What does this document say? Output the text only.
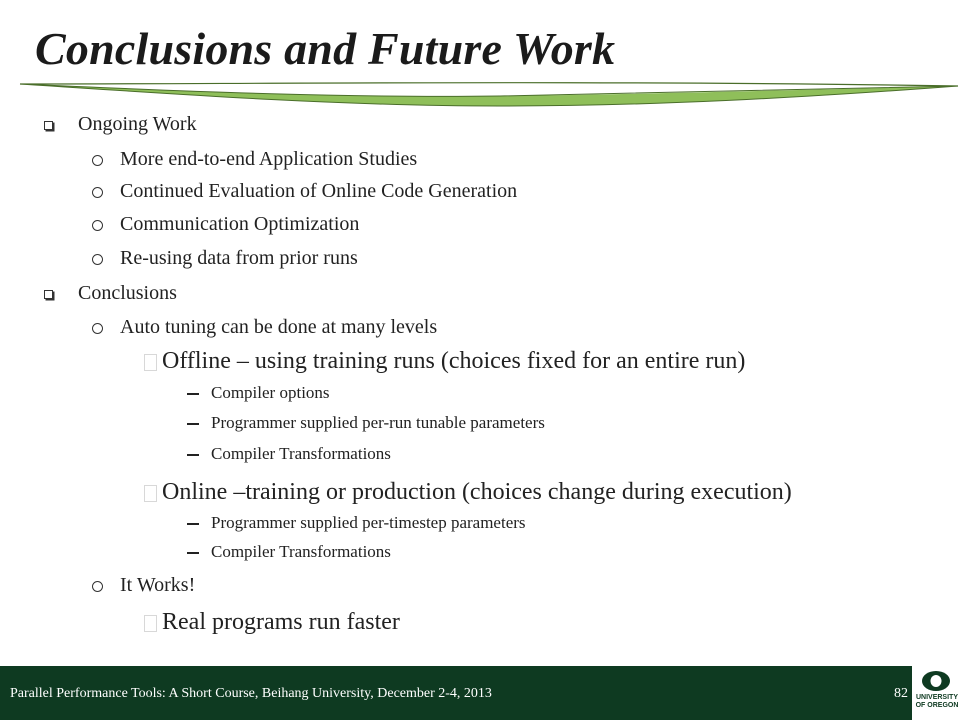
Conclusions and Future Work
Ongoing Work
More end-to-end Application Studies
Continued Evaluation of Online Code Generation
Communication Optimization
Re-using data from prior runs
Conclusions
Auto tuning can be done at many levels
Offline – using training runs (choices fixed for an entire run)
Compiler options
Programmer supplied per-run tunable parameters
Compiler Transformations
Online –training or production (choices change during execution)
Programmer supplied per-timestep parameters
Compiler Transformations
It Works!
Real programs run faster
Parallel Performance Tools: A Short Course, Beihang University, December 2-4, 2013	82 UNIVERSITY
OF OREGON
